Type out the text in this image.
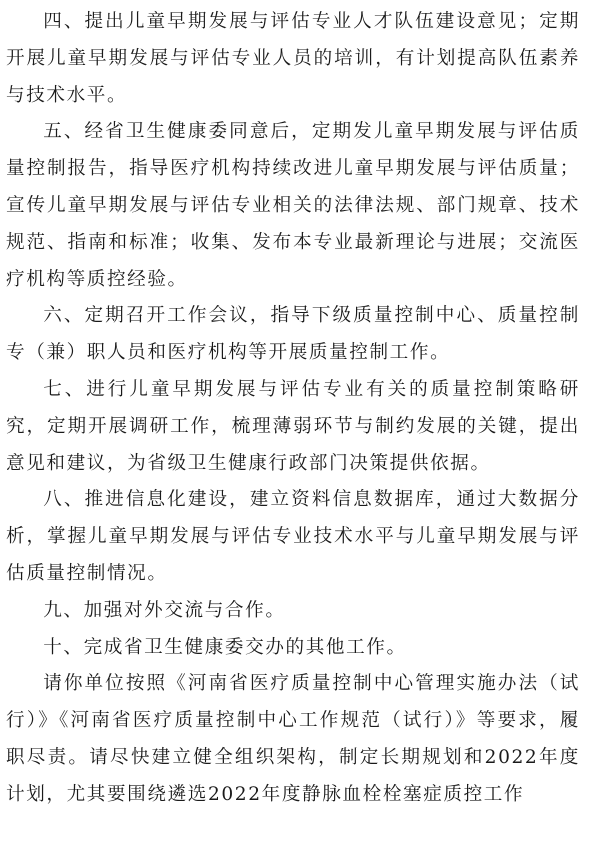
四、提出儿童早期发展与评估专业人才队伍建设意见；定期开展儿童早期发展与评估专业人员的培训，有计划提高队伍素养与技术水平。

五、经省卫生健康委同意后，定期发儿童早期发展与评估质量控制报告，指导医疗机构持续改进儿童早期发展与评估质量；宣传儿童早期发展与评估专业相关的法律法规、部门规章、技术规范、指南和标准；收集、发布本专业最新理论与进展；交流医疗机构等质控经验。

六、定期召开工作会议，指导下级质量控制中心、质量控制专（兼）职人员和医疗机构等开展质量控制工作。

七、进行儿童早期发展与评估专业有关的质量控制策略研究，定期开展调研工作，梳理薄弱环节与制约发展的关键，提出意见和建议，为省级卫生健康行政部门决策提供依据。

八、推进信息化建设，建立资料信息数据库，通过大数据分析，掌握儿童早期发展与评估专业技术水平与儿童早期发展与评估质量控制情况。

九、加强对外交流与合作。

十、完成省卫生健康委交办的其他工作。

请你单位按照《河南省医疗质量控制中心管理实施办法（试行）》《河南省医疗质量控制中心工作规范（试行）》等要求，履职尽责。请尽快建立健全组织架构，制定长期规划和2022年度计划，尤其要围绕遴选2022年度静脉血栓栓塞症质控工作
